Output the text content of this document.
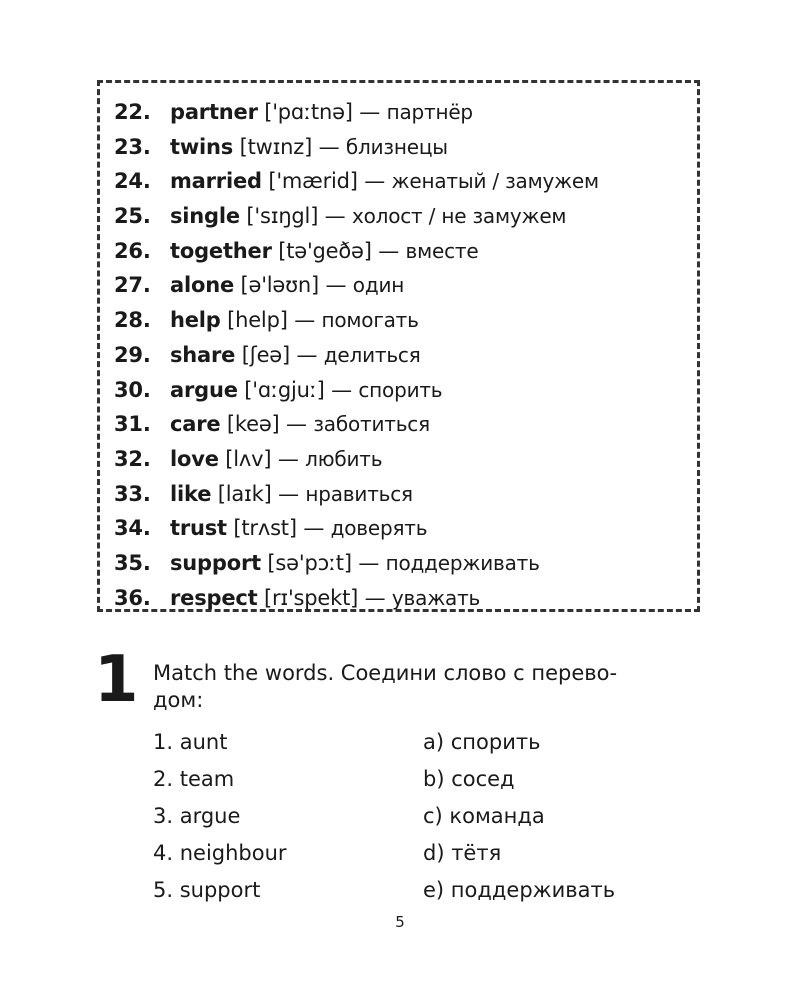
22. partner ['pɑːtnə] — партнёр
23. twins [twɪnz] — близнецы
24. married ['mærid] — женатый / замужем
25. single ['sɪŋgl] — холост / не замужем
26. together [tə'geðə] — вместе
27. alone [ə'ləʊn] — один
28. help [help] — помогать
29. share [ʃeə] — делиться
30. argue ['ɑːgjuː] — спорить
31. care [keə] — заботиться
32. love [lʌv] — любить
33. like [laɪk] — нравиться
34. trust [trʌst] — доверять
35. support [sə'pɔːt] — поддерживать
36. respect [rɪ'spekt] — уважать
1 Match the words. Соедини слово с перево-
дом:
1. aunt
2. team
3. argue
4. neighbour
5. support
a) спорить
b) сосед
c) команда
d) тётя
e) поддерживать
5
